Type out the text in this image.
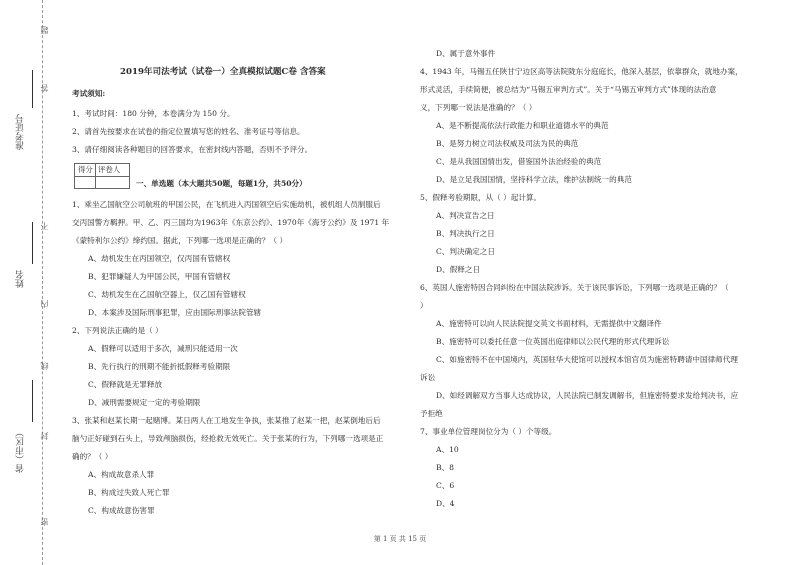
题
答
不
内
线
封
密
准考证号
姓名
省（市区）
2019年司法考试（试卷一）全真模拟试题C卷 含答案
考试须知:
1、考试时间：180 分钟，本卷满分为 150 分。
2、请首先按要求在试卷的指定位置填写您的姓名、准考证号等信息。
3、请仔细阅读各种题目的回答要求，在密封线内答题，否则不予评分。
得分 评卷人
一、单选题（本大题共50题，每题1分，共50分）
1、乘坐乙国航空公司航班的甲国公民，在飞机进入丙国领空后实施劫机，被机组人员制服后
交丙国警方羁押。甲、乙、丙三国均为1963年《东京公约》、1970年《海牙公约》及 1971 年
《蒙特利尔公约》缔约国。据此，下列哪一选项是正确的？（ ）
A、劫机发生在丙国领空，仅丙国有管辖权
B、犯罪嫌疑人为甲国公民，甲国有管辖权
C、劫机发生在乙国航空器上，仅乙国有管辖权
D、本案涉及国际刑事犯罪，应由国际刑事法院管辖
2、下列说法正确的是（ ）
A、假释可以适用于多次，减刑只能适用一次
B、先行执行的刑期不能折抵假释考验期限
C、假释就是无罪释放
D、减刑需要规定一定的考验期限
3、张某和赵某长期一起赌博。某日两人在工地发生争执，张某推了赵某一把，赵某倒地后后
脑勺正好碰到石头上，导致颅脑损伤，经抢救无效死亡。关于张某的行为，下列哪一选项是正
确的？（ ）
A、构成故意杀人罪
B、构成过失致人死亡罪
C、构成故意伤害罪
D、属于意外事件
4、1943 年，马锡五任陕甘宁边区高等法院陇东分庭庭长，他深入基层，依靠群众，就地办案，
形式灵活，手续简便，被总结为“马锡五审判方式”。关于“马锡五审判方式”体现的法治意
义，下列哪一说法是准确的？（ ）
A、是不断提高依法行政能力和职业道德水平的典范
B、是努力树立司法权威及司法为民的典范
C、是从我国国情出发，借鉴国外法治经验的典范
D、是立足我国国情，坚持科学立法，维护法制统一的典范
5、假释考验期限，从（ ）起计算。
A、判决宣告之日
B、判决执行之日
C、判决确定之日
D、假释之日
6、英国人施密特因合同纠纷在中国法院涉诉。关于该民事诉讼，下列哪一选项是正确的？（
）
A、施密特可以向人民法院提交英文书面材料，无需提供中文翻译件
B、施密特可以委托任意一位英国出庭律师以公民代理的形式代理诉讼
C、如施密特不在中国境内，英国驻华大使馆可以授权本馆官员为施密特聘请中国律师代理
诉讼
D、如经调解双方当事人达成协议，人民法院已制发调解书，但施密特要求发给判决书，应
予拒绝
7、事业单位管理岗位分为（ ）个等级。
A、10
B、8
C、6
D、4
第 1 页 共 15 页
